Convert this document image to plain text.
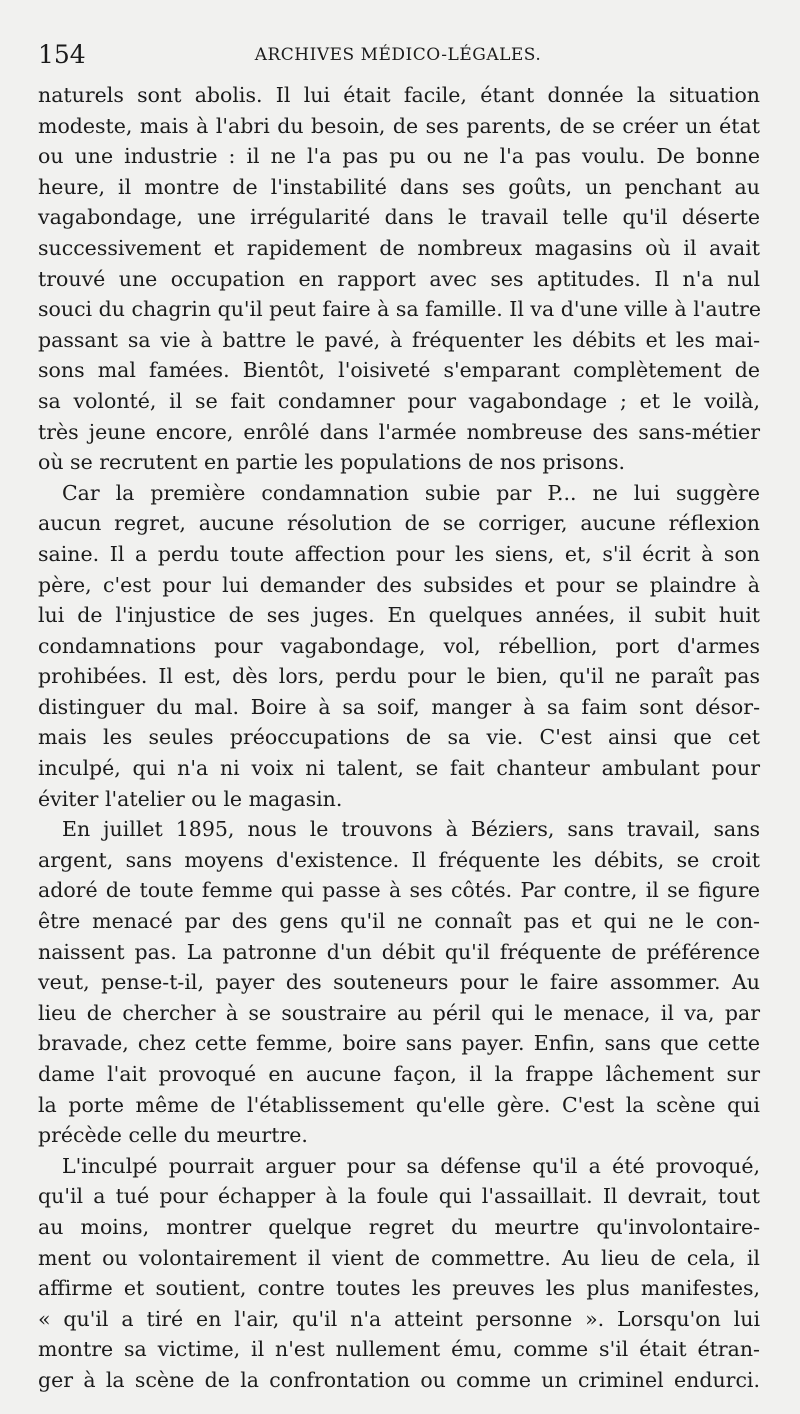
154	ARCHIVES MÉDICO-LÉGALES.
naturels sont abolis. Il lui était facile, étant donnée la situation
modeste, mais à l'abri du besoin, de ses parents, de se créer un état
ou une industrie : il ne l'a pas pu ou ne l'a pas voulu. De bonne
heure, il montre de l'instabilité dans ses goûts, un penchant au
vagabondage, une irrégularité dans le travail telle qu'il déserte
successivement et rapidement de nombreux magasins où il avait
trouvé une occupation en rapport avec ses aptitudes. Il n'a nul
souci du chagrin qu'il peut faire à sa famille. Il va d'une ville à l'autre
passant sa vie à battre le pavé, à fréquenter les débits et les mai-
sons mal famées. Bientôt, l'oisiveté s'emparant complètement de
sa volonté, il se fait condamner pour vagabondage ; et le voilà,
très jeune encore, enrôlé dans l'armée nombreuse des sans-métier
où se recrutent en partie les populations de nos prisons.
Car la première condamnation subie par P... ne lui suggère
aucun regret, aucune résolution de se corriger, aucune réflexion
saine. Il a perdu toute affection pour les siens, et, s'il écrit à son
père, c'est pour lui demander des subsides et pour se plaindre à
lui de l'injustice de ses juges. En quelques années, il subit huit
condamnations pour vagabondage, vol, rébellion, port d'armes
prohibées. Il est, dès lors, perdu pour le bien, qu'il ne paraît pas
distinguer du mal. Boire à sa soif, manger à sa faim sont désor-
mais les seules préoccupations de sa vie. C'est ainsi que cet
inculpé, qui n'a ni voix ni talent, se fait chanteur ambulant pour
éviter l'atelier ou le magasin.
En juillet 1895, nous le trouvons à Béziers, sans travail, sans
argent, sans moyens d'existence. Il fréquente les débits, se croit
adoré de toute femme qui passe à ses côtés. Par contre, il se figure
être menacé par des gens qu'il ne connaît pas et qui ne le con-
naissent pas. La patronne d'un débit qu'il fréquente de préférence
veut, pense-t-il, payer des souteneurs pour le faire assommer. Au
lieu de chercher à se soustraire au péril qui le menace, il va, par
bravade, chez cette femme, boire sans payer. Enfin, sans que cette
dame l'ait provoqué en aucune façon, il la frappe lâchement sur
la porte même de l'établissement qu'elle gère. C'est la scène qui
précède celle du meurtre.
L'inculpé pourrait arguer pour sa défense qu'il a été provoqué,
qu'il a tué pour échapper à la foule qui l'assaillait. Il devrait, tout
au moins, montrer quelque regret du meurtre qu'involontaire-
ment ou volontairement il vient de commettre. Au lieu de cela, il
affirme et soutient, contre toutes les preuves les plus manifestes,
« qu'il a tiré en l'air, qu'il n'a atteint personne ». Lorsqu'on lui
montre sa victime, il n'est nullement ému, comme s'il était étran-
ger à la scène de la confrontation ou comme un criminel endurci.
